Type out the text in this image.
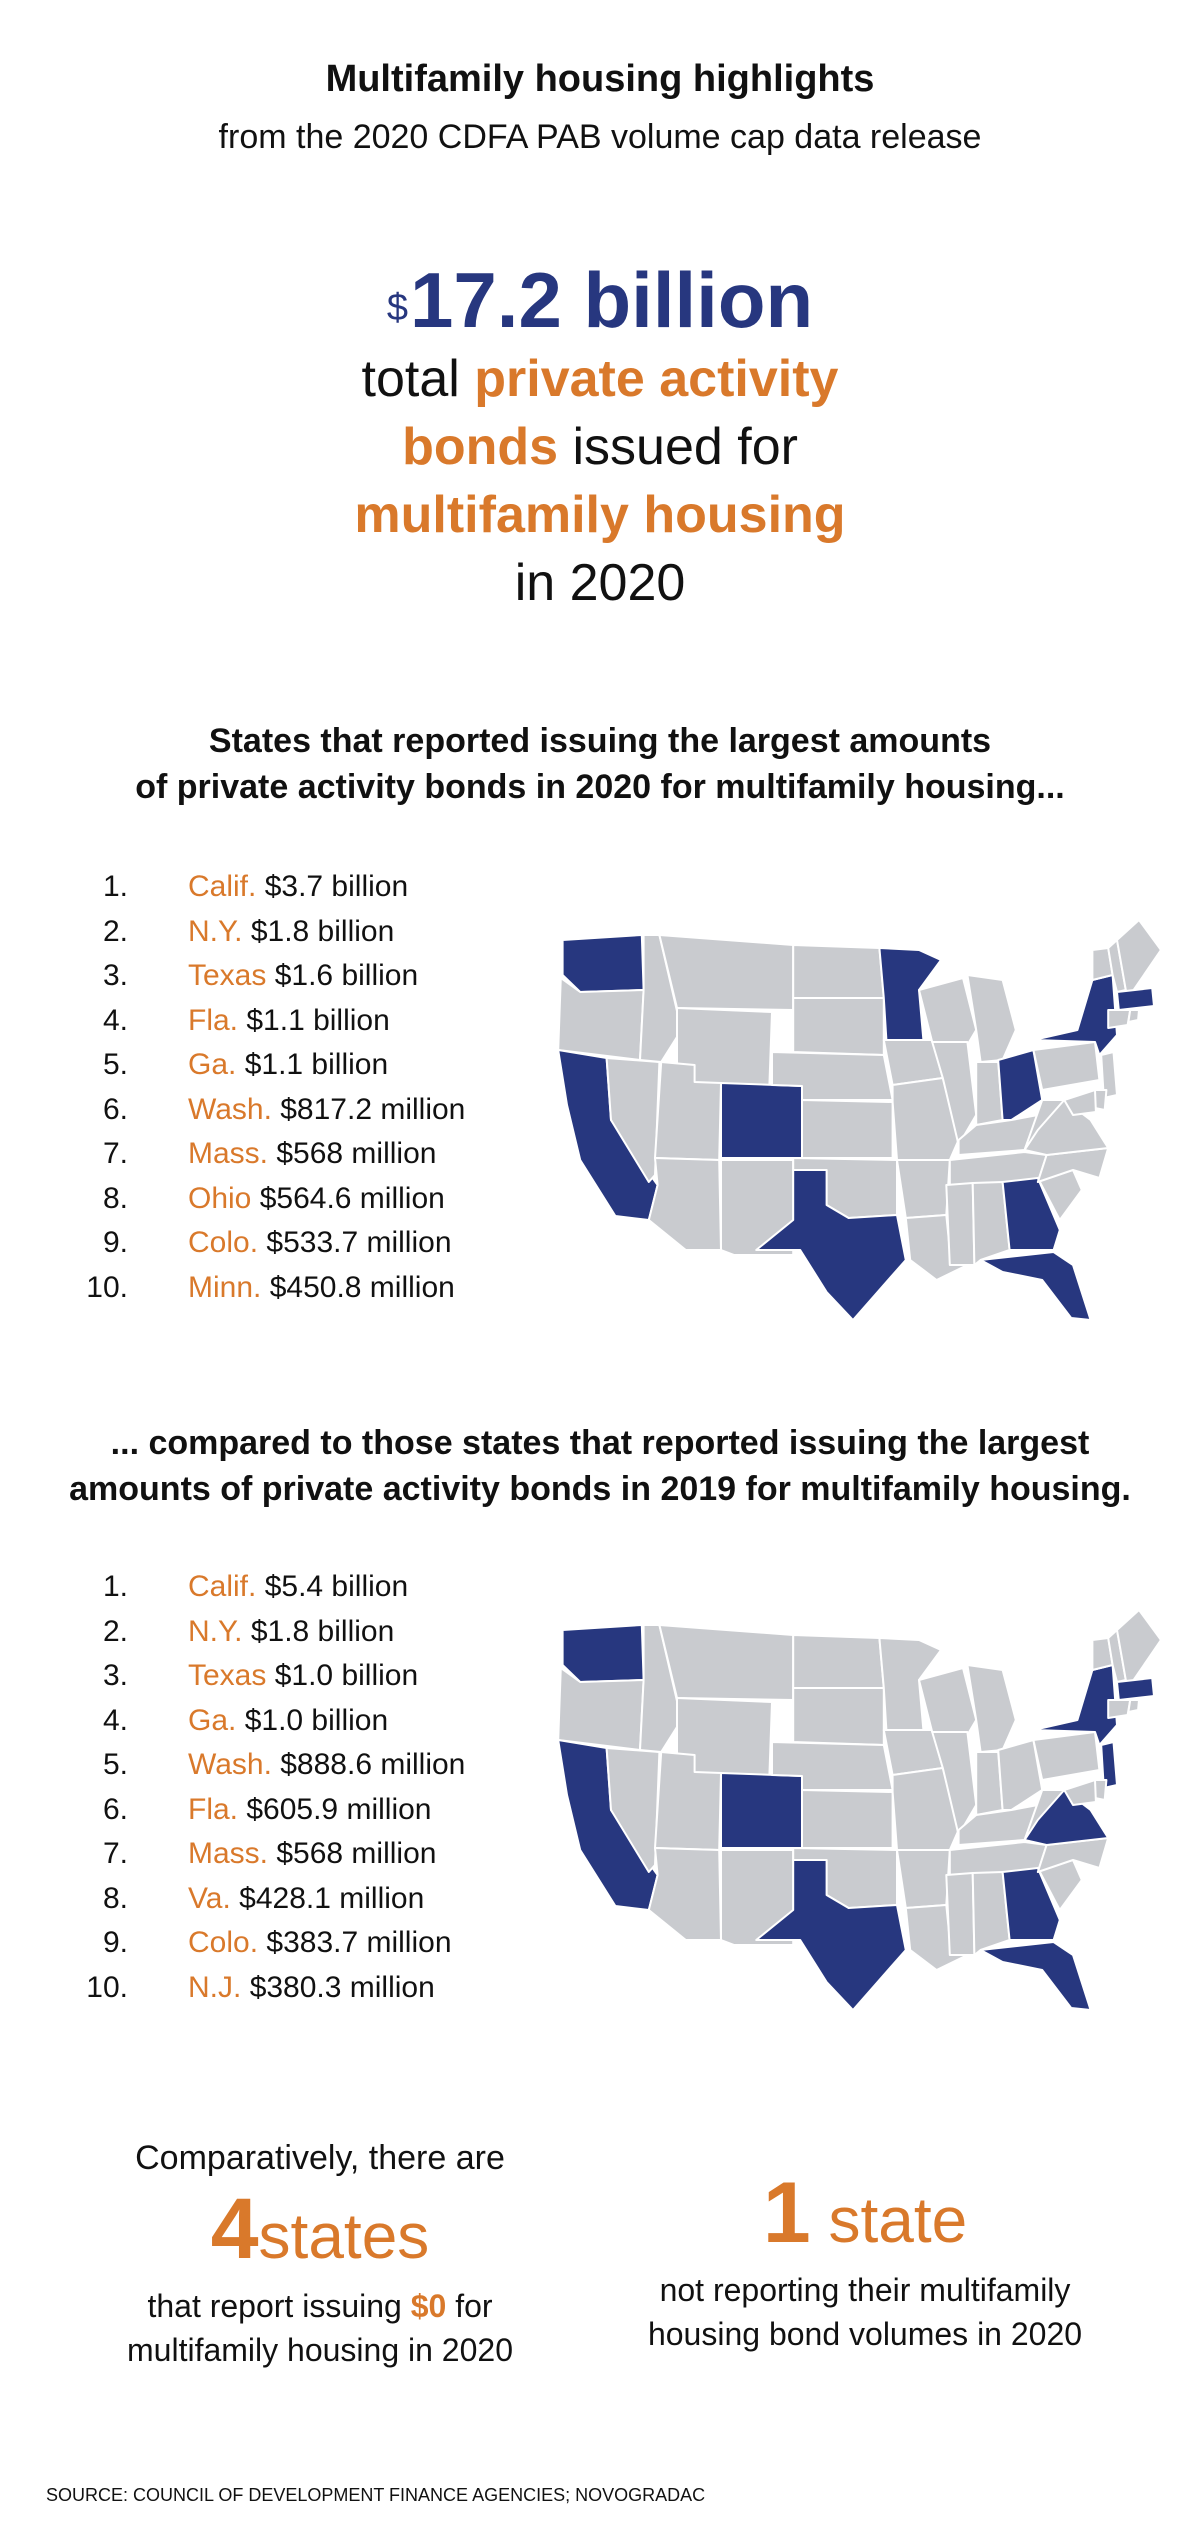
Multifamily housing highlights
from the 2020 CDFA PAB volume cap data release
$17.2 billion
total private activity
bonds issued for
multifamily housing
in 2020
States that reported issuing the largest amounts
of private activity bonds in 2020 for multifamily housing...
1. Calif. $3.7 billion
2. N.Y. $1.8 billion
3. Texas $1.6 billion
4. Fla. $1.1 billion
5. Ga. $1.1 billion
6. Wash. $817.2 million
7. Mass. $568 million
8. Ohio $564.6 million
9. Colo. $533.7 million
10. Minn. $450.8 million
... compared to those states that reported issuing the largest
amounts of private activity bonds in 2019 for multifamily housing.
1. Calif. $5.4 billion
2. N.Y. $1.8 billion
3. Texas $1.0 billion
4. Ga. $1.0 billion
5. Wash. $888.6 million
6. Fla. $605.9 million
7. Mass. $568 million
8. Va. $428.1 million
9. Colo. $383.7 million
10. N.J. $380.3 million
Comparatively, there are
4states
that report issuing $0 for
multifamily housing in 2020
1 state
not reporting their multifamily
housing bond volumes in 2020
SOURCE: COUNCIL OF DEVELOPMENT FINANCE AGENCIES; NOVOGRADAC
